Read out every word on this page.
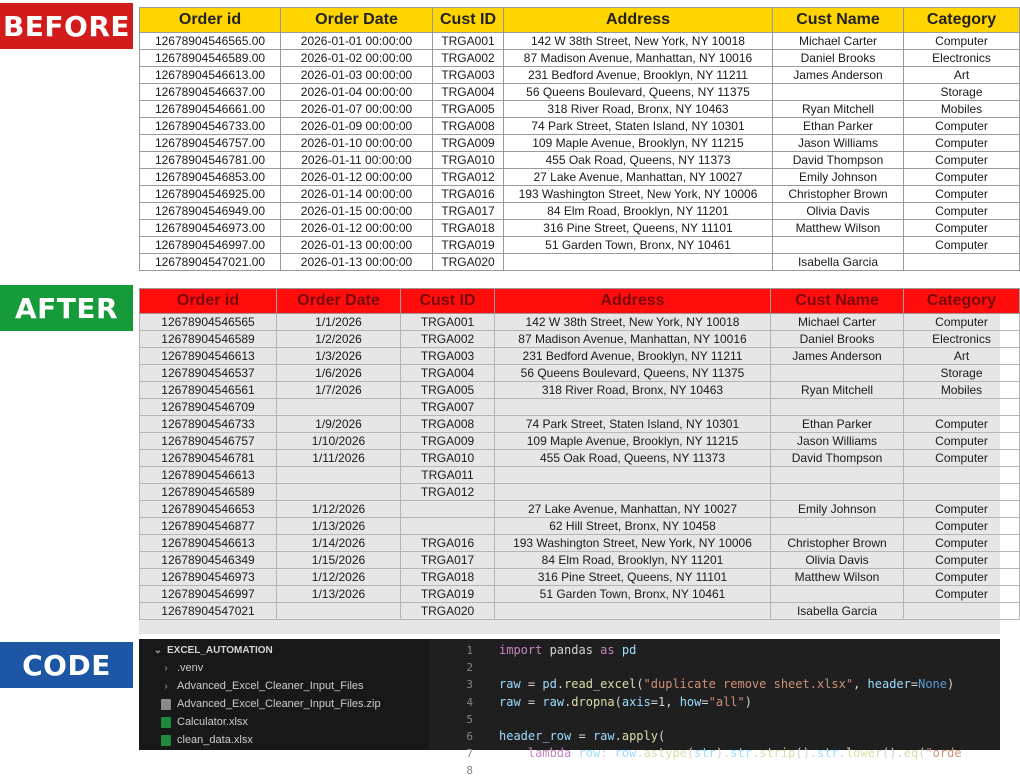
BEFORE
AFTER
CODE
Order id	Order Date	Cust ID	Address	Cust Name	Category
12678904546565.00	2026-01-01 00:00:00	TRGA001	142 W 38th Street, New York, NY 10018	Michael Carter	Computer
12678904546589.00	2026-01-02 00:00:00	TRGA002	87 Madison Avenue, Manhattan, NY 10016	Daniel Brooks	Electronics
12678904546613.00	2026-01-03 00:00:00	TRGA003	231 Bedford Avenue, Brooklyn, NY 11211	James Anderson	Art
12678904546637.00	2026-01-04 00:00:00	TRGA004	56 Queens Boulevard, Queens, NY 11375		Storage
12678904546661.00	2026-01-07 00:00:00	TRGA005	318 River Road, Bronx, NY 10463	Ryan Mitchell	Mobiles
12678904546733.00	2026-01-09 00:00:00	TRGA008	74 Park Street, Staten Island, NY 10301	Ethan Parker	Computer
12678904546757.00	2026-01-10 00:00:00	TRGA009	109 Maple Avenue, Brooklyn, NY 11215	Jason Williams	Computer
12678904546781.00	2026-01-11 00:00:00	TRGA010	455 Oak Road, Queens, NY 11373	David Thompson	Computer
12678904546853.00	2026-01-12 00:00:00	TRGA012	27 Lake Avenue, Manhattan, NY 10027	Emily Johnson	Computer
12678904546925.00	2026-01-14 00:00:00	TRGA016	193 Washington Street, New York, NY 10006	Christopher Brown	Computer
12678904546949.00	2026-01-15 00:00:00	TRGA017	84 Elm Road, Brooklyn, NY 11201	Olivia Davis	Computer
12678904546973.00	2026-01-12 00:00:00	TRGA018	316 Pine Street, Queens, NY 11101	Matthew Wilson	Computer
12678904546997.00	2026-01-13 00:00:00	TRGA019	51 Garden Town, Bronx, NY 10461		Computer
12678904547021.00	2026-01-13 00:00:00	TRGA020		Isabella Garcia	
Order id	Order Date	Cust ID	Address	Cust Name	Category
12678904546565	1/1/2026	TRGA001	142 W 38th Street, New York, NY 10018	Michael Carter	Computer
12678904546589	1/2/2026	TRGA002	87 Madison Avenue, Manhattan, NY 10016	Daniel Brooks	Electronics
12678904546613	1/3/2026	TRGA003	231 Bedford Avenue, Brooklyn, NY 11211	James Anderson	Art
12678904546537	1/6/2026	TRGA004	56 Queens Boulevard, Queens, NY 11375		Storage
12678904546561	1/7/2026	TRGA005	318 River Road, Bronx, NY 10463	Ryan Mitchell	Mobiles
12678904546709		TRGA007			
12678904546733	1/9/2026	TRGA008	74 Park Street, Staten Island, NY 10301	Ethan Parker	Computer
12678904546757	1/10/2026	TRGA009	109 Maple Avenue, Brooklyn, NY 11215	Jason Williams	Computer
12678904546781	1/11/2026	TRGA010	455 Oak Road, Queens, NY 11373	David Thompson	Computer
12678904546613		TRGA011			
12678904546589		TRGA012			
12678904546653	1/12/2026		27 Lake Avenue, Manhattan, NY 10027	Emily Johnson	Computer
12678904546877	1/13/2026		62 Hill Street, Bronx, NY 10458		Computer
12678904546613	1/14/2026	TRGA016	193 Washington Street, New York, NY 10006	Christopher Brown	Computer
12678904546349	1/15/2026	TRGA017	84 Elm Road, Brooklyn, NY 11201	Olivia Davis	Computer
12678904546973	1/12/2026	TRGA018	316 Pine Street, Queens, NY 11101	Matthew Wilson	Computer
12678904546997	1/13/2026	TRGA019	51 Garden Town, Bronx, NY 10461		Computer
12678904547021		TRGA020		Isabella Garcia	
⌄ EXCEL_AUTOMATION
› .venv
› Advanced_Excel_Cleaner_Input_Files
Advanced_Excel_Cleaner_Input_Files.zip
Calculator.xlsx
clean_data.xlsx
1 import pandas as pd
2
3 raw = pd.read_excel("duplicate remove sheet.xlsx", header=None)
4 raw = raw.dropna(axis=1, how="all")
5
6 header_row = raw.apply(
7	lambda row: row.astype(str).str.strip().str.lower().eq("orde
8
